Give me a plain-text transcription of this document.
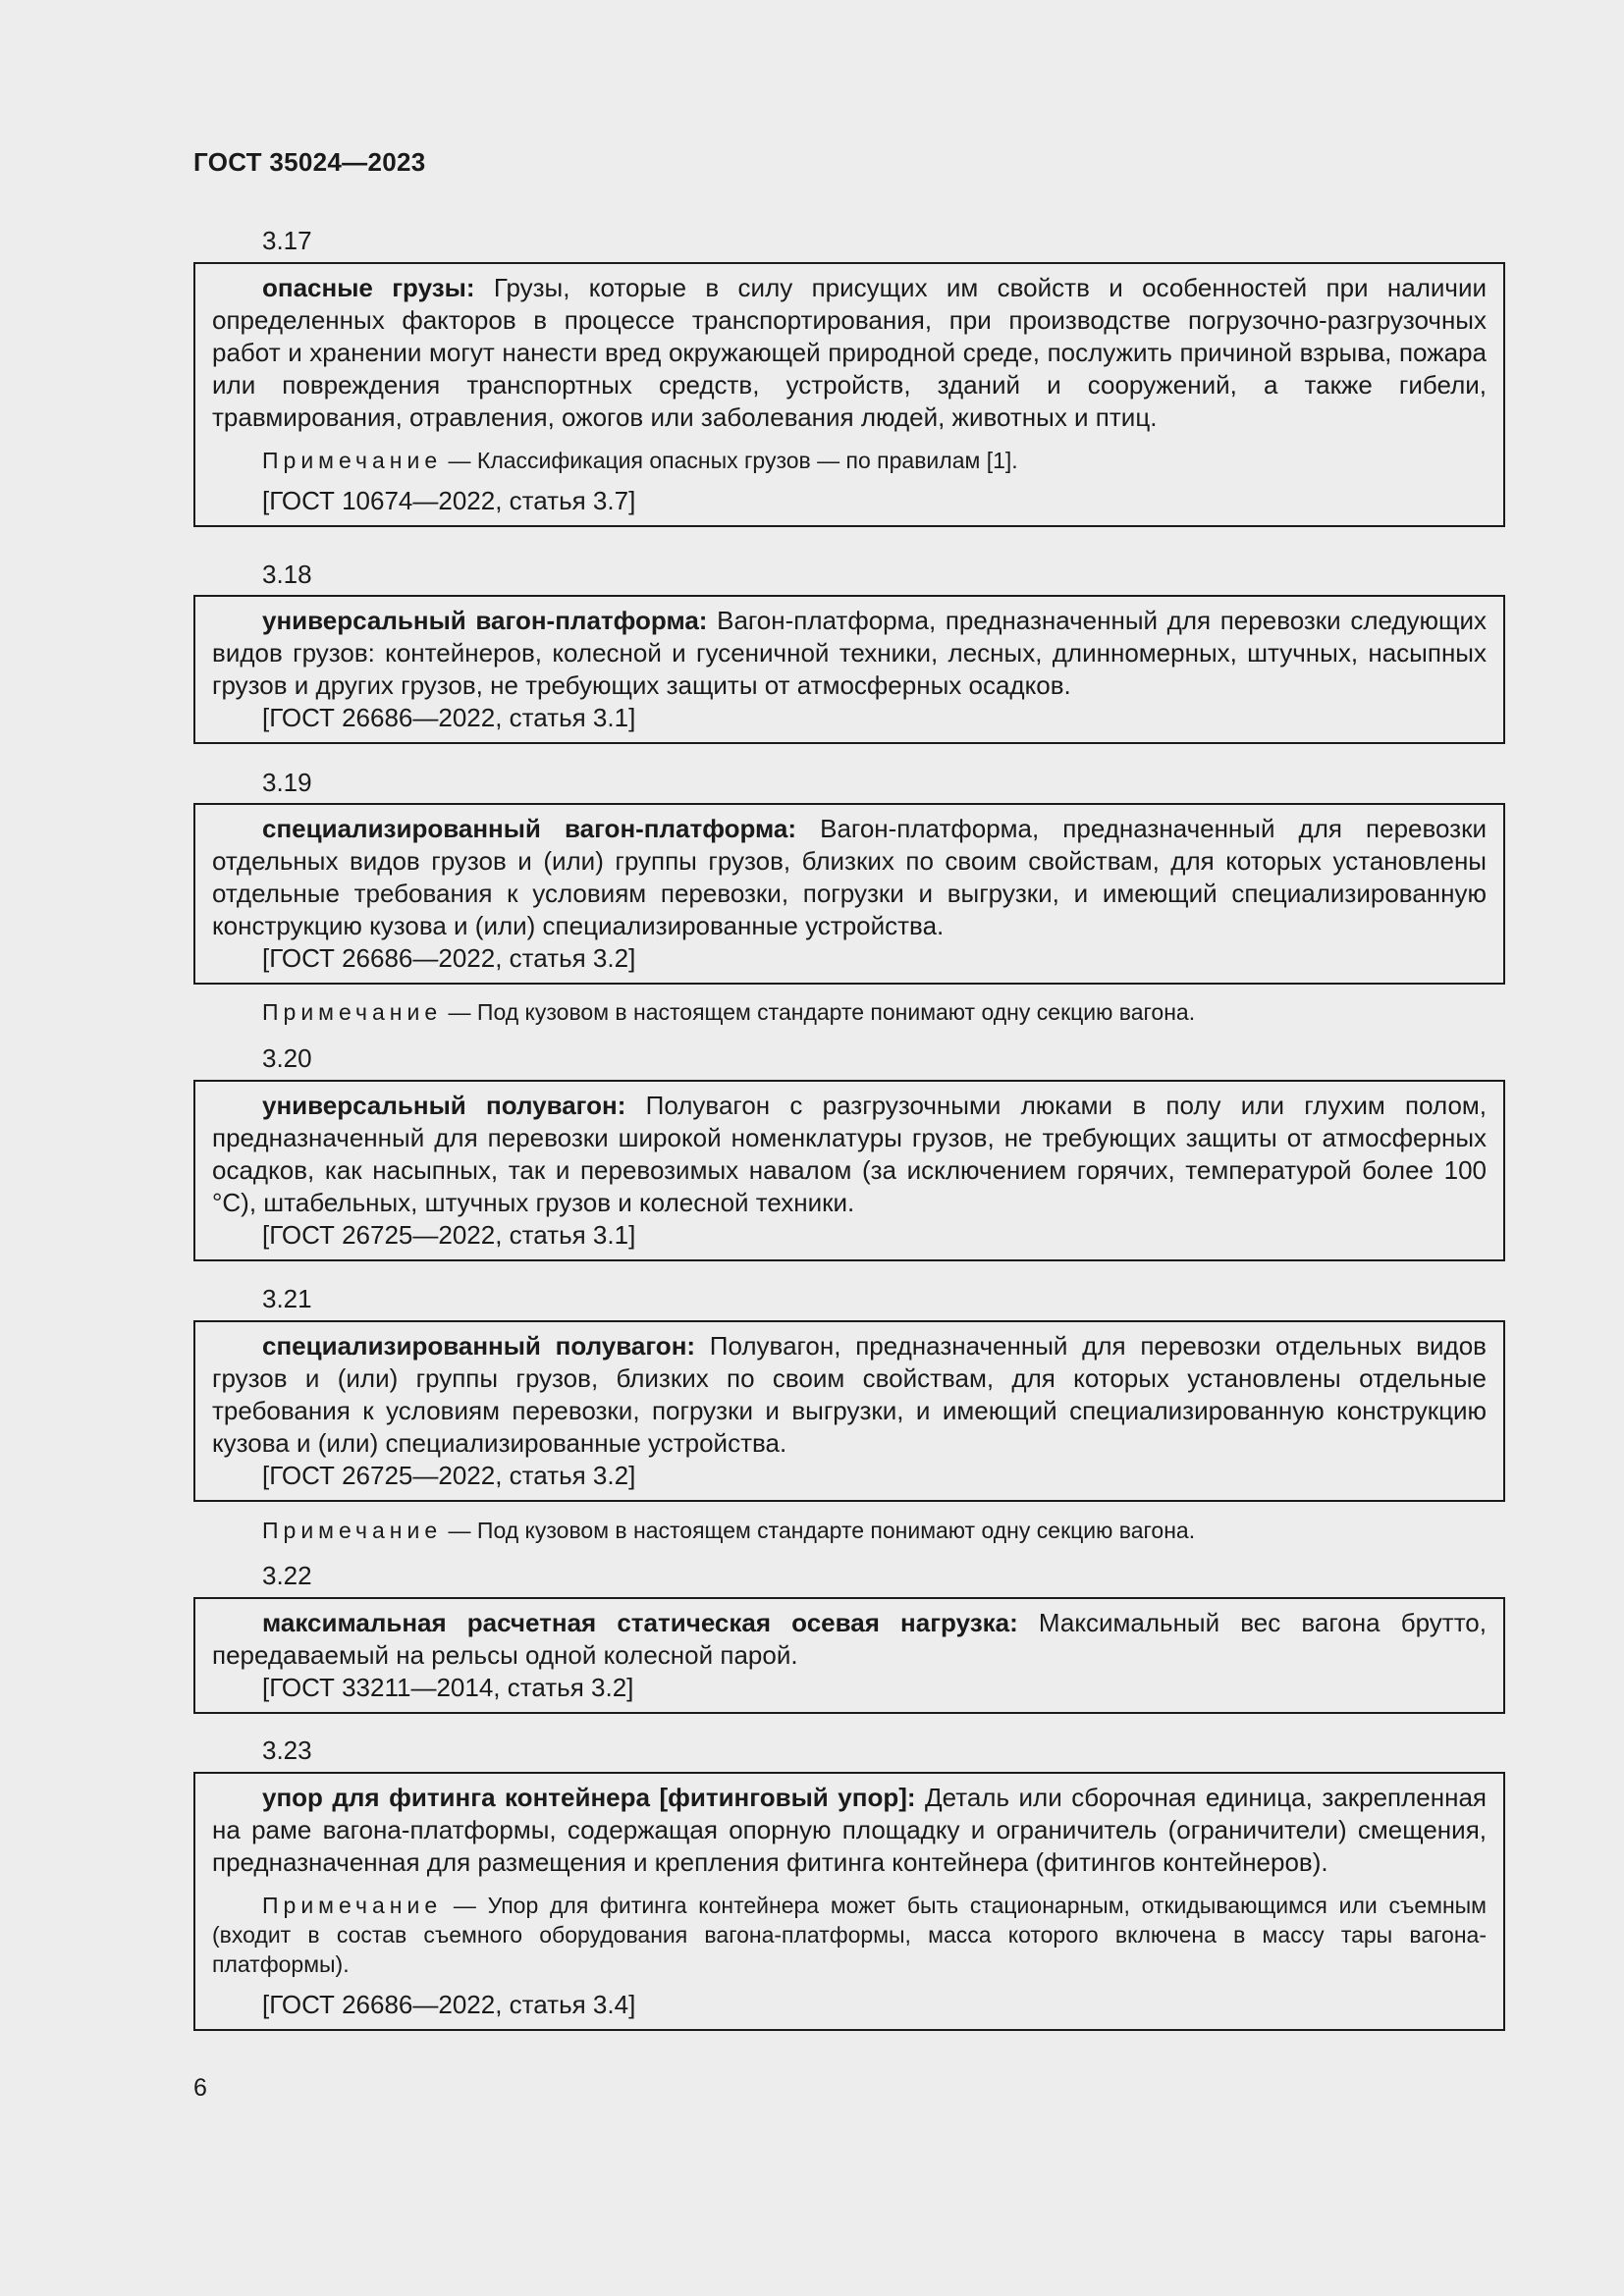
ГОСТ 35024—2023
3.17

опасные грузы: Грузы, которые в силу присущих им свойств и особенностей при наличии определенных факторов в процессе транспортирования, при производстве погрузочно-разгрузочных работ и хранении могут нанести вред окружающей природной среде, послужить причиной взрыва, пожара или повреждения транспортных средств, устройств, зданий и сооружений, а также гибели, травмирования, отравления, ожогов или заболевания людей, животных и птиц.

Примечание — Классификация опасных грузов — по правилам [1].

[ГОСТ 10674—2022, статья 3.7]

3.18

универсальный вагон-платформа: Вагон-платформа, предназначенный для перевозки следующих видов грузов: контейнеров, колесной и гусеничной техники, лесных, длинномерных, штучных, насыпных грузов и других грузов, не требующих защиты от атмосферных осадков.

[ГОСТ 26686—2022, статья 3.1]

3.19

специализированный вагон-платформа: Вагон-платформа, предназначенный для перевозки отдельных видов грузов и (или) группы грузов, близких по своим свойствам, для которых установлены отдельные требования к условиям перевозки, погрузки и выгрузки, и имеющий специализированную конструкцию кузова и (или) специализированные устройства.

[ГОСТ 26686—2022, статья 3.2]

Примечание — Под кузовом в настоящем стандарте понимают одну секцию вагона.
3.20

универсальный полувагон: Полувагон с разгрузочными люками в полу или глухим полом, предназначенный для перевозки широкой номенклатуры грузов, не требующих защиты от атмосферных осадков, как насыпных, так и перевозимых навалом (за исключением горячих, температурой более 100 °С), штабельных, штучных грузов и колесной техники.

[ГОСТ 26725—2022, статья 3.1]

3.21

специализированный полувагон: Полувагон, предназначенный для перевозки отдельных видов грузов и (или) группы грузов, близких по своим свойствам, для которых установлены отдельные требования к условиям перевозки, погрузки и выгрузки, и имеющий специализированную конструкцию кузова и (или) специализированные устройства.

[ГОСТ 26725—2022, статья 3.2]

Примечание — Под кузовом в настоящем стандарте понимают одну секцию вагона.
3.22

максимальная расчетная статическая осевая нагрузка: Максимальный вес вагона брутто, передаваемый на рельсы одной колесной парой.

[ГОСТ 33211—2014, статья 3.2]

3.23

упор для фитинга контейнера [фитинговый упор]: Деталь или сборочная единица, закрепленная на раме вагона-платформы, содержащая опорную площадку и ограничитель (ограничители) смещения, предназначенная для размещения и крепления фитинга контейнера (фитингов контейнеров).

Примечание — Упор для фитинга контейнера может быть стационарным, откидывающимся или съемным (входит в состав съемного оборудования вагона-платформы, масса которого включена в массу тары вагона-платформы).

[ГОСТ 26686—2022, статья 3.4]

6
